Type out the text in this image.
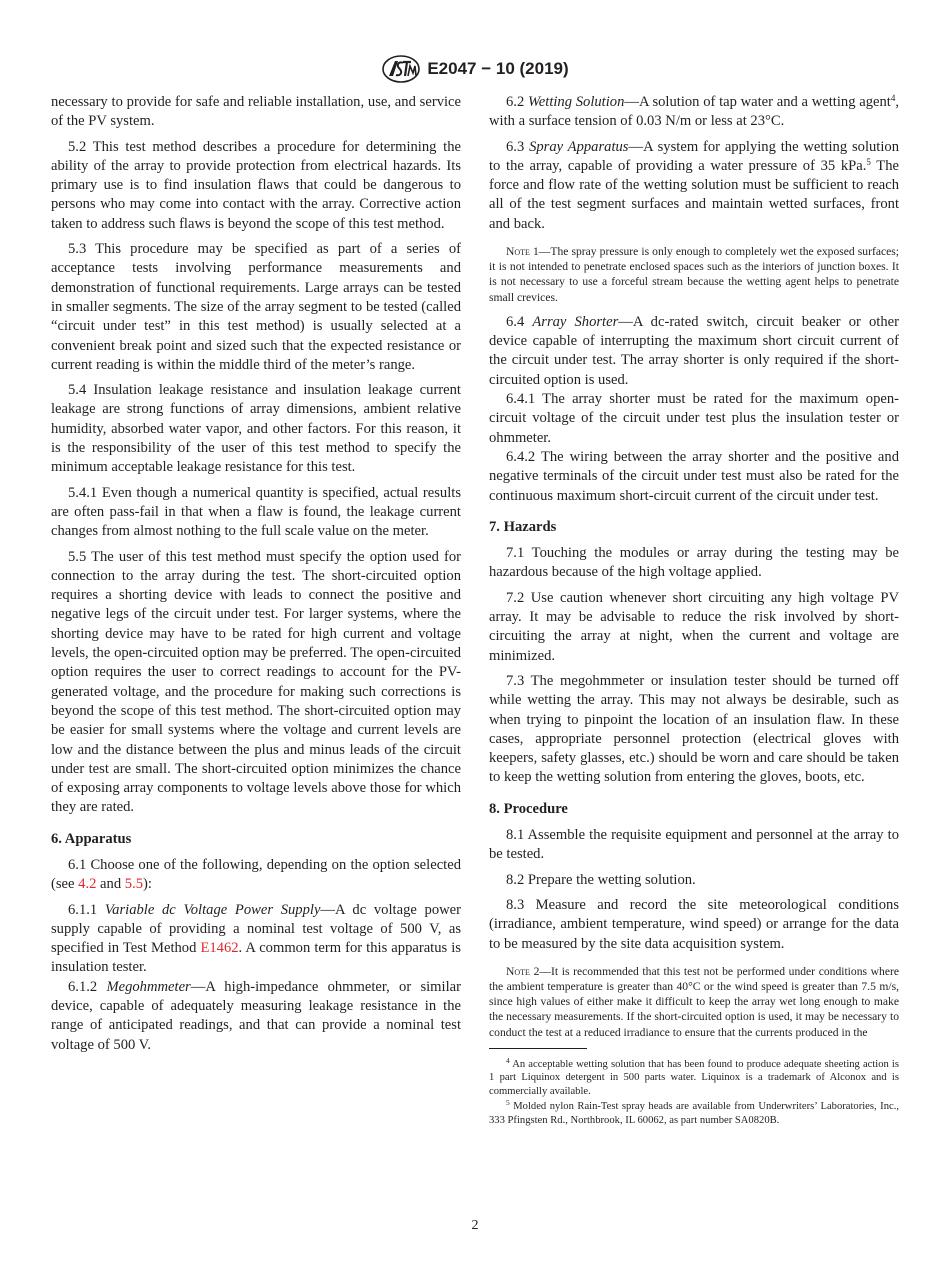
E2047 − 10 (2019)

necessary to provide for safe and reliable installation, use, and service of the PV system.

5.2 This test method describes a procedure for determining the ability of the array to provide protection from electrical hazards. Its primary use is to find insulation flaws that could be dangerous to persons who may come into contact with the array. Corrective action taken to address such flaws is beyond the scope of this test method.

5.3 This procedure may be specified as part of a series of acceptance tests involving performance measurements and demonstration of functional requirements. Large arrays can be tested in smaller segments. The size of the array segment to be tested (called “circuit under test” in this test method) is usually selected at a convenient break point and sized such that the expected resistance or current reading is within the middle third of the meter’s range.

5.4 Insulation leakage resistance and insulation leakage current leakage are strong functions of array dimensions, ambient relative humidity, absorbed water vapor, and other factors. For this reason, it is the responsibility of the user of this test method to specify the minimum acceptable leakage resistance for this test.

5.4.1 Even though a numerical quantity is specified, actual results are often pass-fail in that when a flaw is found, the leakage current changes from almost nothing to the full scale value on the meter.

5.5 The user of this test method must specify the option used for connection to the array during the test. The short-circuited option requires a shorting device with leads to connect the positive and negative legs of the circuit under test. For larger systems, where the shorting device may have to be rated for high current and voltage levels, the open-circuited option may be preferred. The open-circuited option requires the user to correct readings to account for the PV-generated voltage, and the procedure for making such corrections is beyond the scope of this test method. The short-circuited option may be easier for small systems where the voltage and current levels are low and the distance between the plus and minus leads of the circuit under test are small. The short-circuited option minimizes the chance of exposing array components to voltage levels above those for which they are rated.

6. Apparatus

6.1 Choose one of the following, depending on the option selected (see 4.2 and 5.5):

6.1.1 Variable dc Voltage Power Supply—A dc voltage power supply capable of providing a nominal test voltage of 500 V, as specified in Test Method E1462. A common term for this apparatus is insulation tester.

6.1.2 Megohmmeter—A high-impedance ohmmeter, or similar device, capable of adequately measuring leakage resistance in the range of anticipated readings, and that can provide a nominal test voltage of 500 V.

6.2 Wetting Solution—A solution of tap water and a wetting agent$^4$, with a surface tension of 0.03 N/m or less at 23°C.

6.3 Spray Apparatus—A system for applying the wetting solution to the array, capable of providing a water pressure of 35 kPa.$^5$ The force and flow rate of the wetting solution must be sufficient to reach all of the test segment surfaces and maintain wetted surfaces, front and back.

Note 1—The spray pressure is only enough to completely wet the exposed surfaces; it is not intended to penetrate enclosed spaces such as the interiors of junction boxes. It is not necessary to use a forceful stream because the wetting agent helps to penetrate small crevices.

6.4 Array Shorter—A dc-rated switch, circuit beaker or other device capable of interrupting the maximum short circuit current of the circuit under test. The array shorter is only required if the short-circuited option is used.

6.4.1 The array shorter must be rated for the maximum open-circuit voltage of the circuit under test plus the insulation tester or ohmmeter.

6.4.2 The wiring between the array shorter and the positive and negative terminals of the circuit under test must also be rated for the continuous maximum short-circuit current of the circuit under test.

7. Hazards

7.1 Touching the modules or array during the testing may be hazardous because of the high voltage applied.

7.2 Use caution whenever short circuiting any high voltage PV array. It may be advisable to reduce the risk involved by short-circuiting the array at night, when the current and voltage are minimized.

7.3 The megohmmeter or insulation tester should be turned off while wetting the array. This may not always be desirable, such as when trying to pinpoint the location of an insulation flaw. In these cases, appropriate personnel protection (electrical gloves with keepers, safety glasses, etc.) should be worn and care should be taken to keep the wetting solution from entering the gloves, boots, etc.

8. Procedure

8.1 Assemble the requisite equipment and personnel at the array to be tested.

8.2 Prepare the wetting solution.

8.3 Measure and record the site meteorological conditions (irradiance, ambient temperature, wind speed) or arrange for the data to be measured by the site data acquisition system.

Note 2—It is recommended that this test not be performed under conditions where the ambient temperature is greater than 40°C or the wind speed is greater than 7.5 m/s, since high values of either make it difficult to keep the array wet long enough to make the necessary measurements. If the short-circuited option is used, it may be necessary to conduct the test at a reduced irradiance to ensure that the currents produced in the

$^4$ An acceptable wetting solution that has been found to produce adequate sheeting action is 1 part Liquinox detergent in 500 parts water. Liquinox is a trademark of Alconox and is commercially available.

$^5$ Molded nylon Rain-Test spray heads are available from Underwriters’ Laboratories, Inc., 333 Pfingsten Rd., Northbrook, IL 60062, as part number SA0820B.

2
